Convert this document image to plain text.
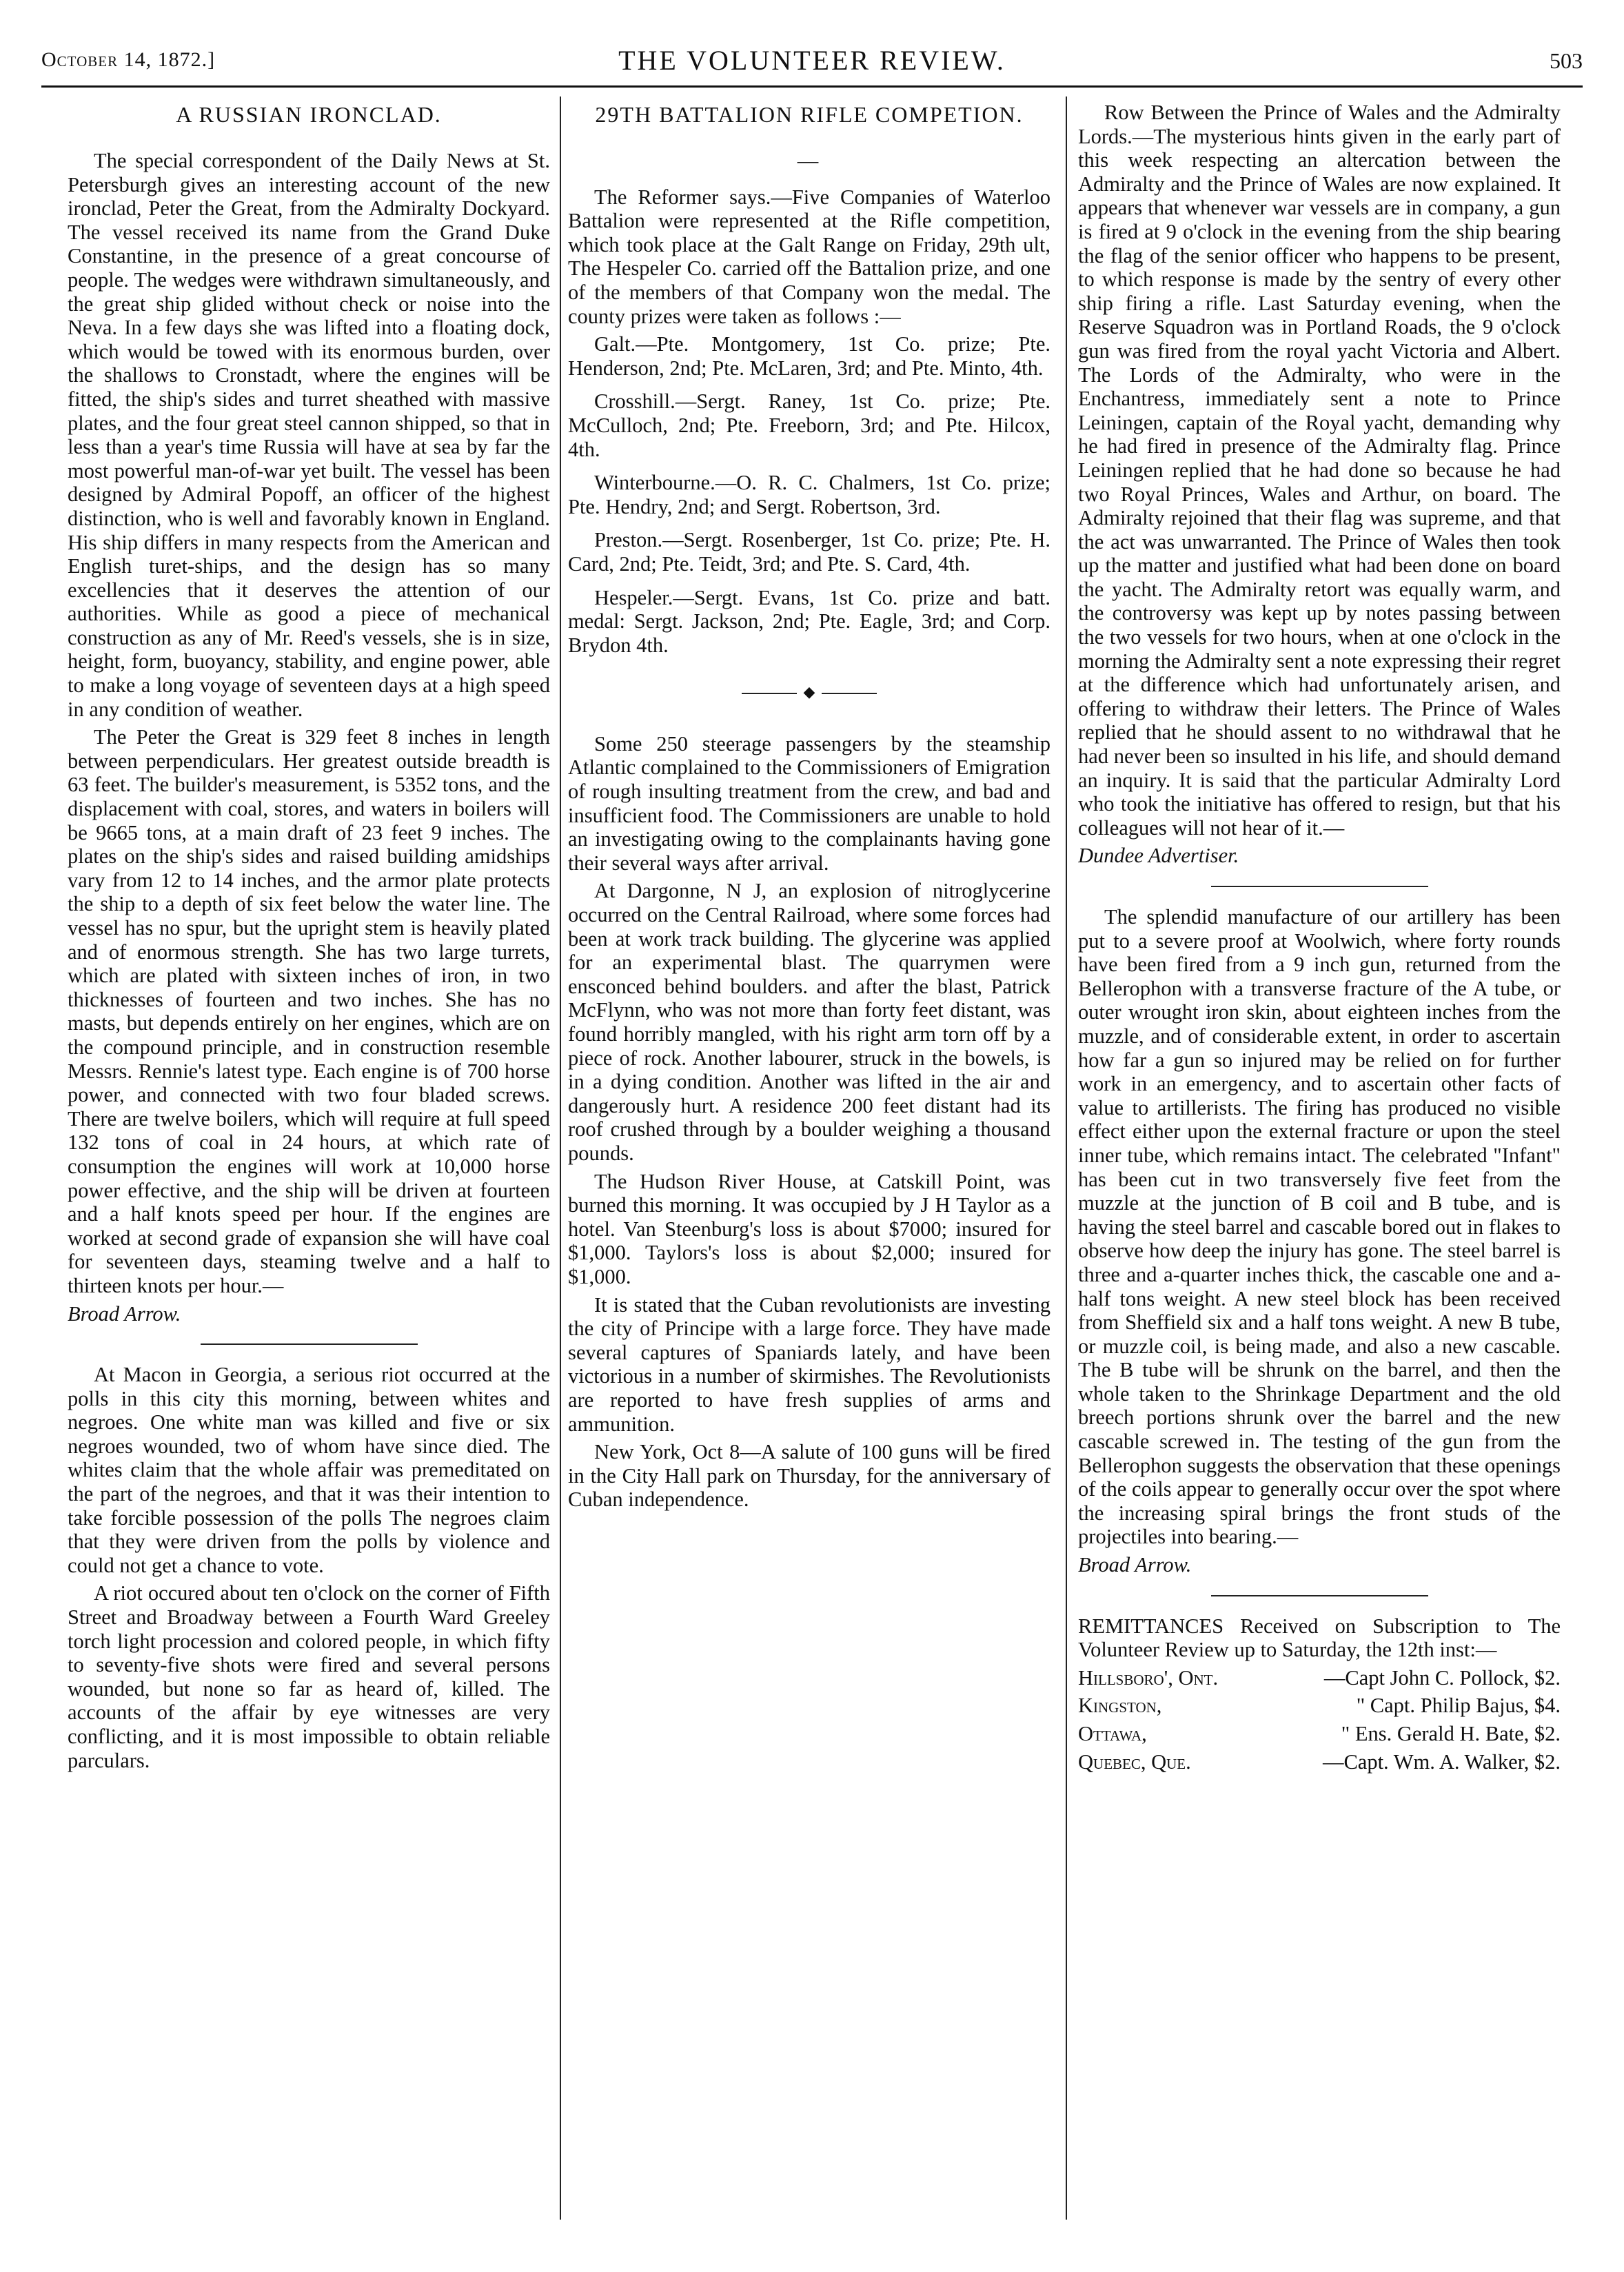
October 14, 1872.]	THE VOLUNTEER REVIEW.	503
A RUSSIAN IRONCLAD.

The special correspondent of the Daily News at St. Petersburgh gives an interesting account of the new ironclad, Peter the Great, from the Admiralty Dockyard. The vessel received its name from the Grand Duke Constantine, in the presence of a great concourse of people. The wedges were withdrawn simultaneously, and the great ship glided without check or noise into the Neva. In a few days she was lifted into a floating dock, which would be towed with its enormous burden, over the shallows to Cronstadt, where the engines will be fitted, the ship's sides and turret sheathed with massive plates, and the four great steel cannon shipped, so that in less than a year's time Russia will have at sea by far the most powerful man-of-war yet built. The vessel has been designed by Admiral Popoff, an officer of the highest distinction, who is well and favorably known in England. His ship differs in many respects from the American and English turet-ships, and the design has so many excellencies that it deserves the attention of our authorities. While as good a piece of mechanical construction as any of Mr. Reed's vessels, she is in size, height, form, buoyancy, stability, and engine power, able to make a long voyage of seventeen days at a high speed in any condition of weather.

The Peter the Great is 329 feet 8 inches in length between perpendiculars. Her greatest outside breadth is 63 feet. The builder's measurement, is 5352 tons, and the displacement with coal, stores, and waters in boilers will be 9665 tons, at a main draft of 23 feet 9 inches. The plates on the ship's sides and raised building amidships vary from 12 to 14 inches, and the armor plate protects the ship to a depth of six feet below the water line. The vessel has no spur, but the upright stem is heavily plated and of enormous strength. She has two large turrets, which are plated with sixteen inches of iron, in two thicknesses of fourteen and two inches. She has no masts, but depends entirely on her engines, which are on the compound principle, and in construction resemble Messrs. Rennie's latest type. Each engine is of 700 horse power, and connected with two four bladed screws. There are twelve boilers, which will require at full speed 132 tons of coal in 24 hours, at which rate of consumption the engines will work at 10,000 horse power effective, and the ship will be driven at fourteen and a half knots speed per hour. If the engines are worked at second grade of expansion she will have coal for seventeen days, steaming twelve and a half to thirteen knots per hour.—

Broad Arrow.

At Macon in Georgia, a serious riot occurred at the polls in this city this morning, between whites and negroes. One white man was killed and five or six negroes wounded, two of whom have since died. The whites claim that the whole affair was premeditated on the part of the negroes, and that it was their intention to take forcible possession of the polls The negroes claim that they were driven from the polls by violence and could not get a chance to vote.

A riot occured about ten o'clock on the corner of Fifth Street and Broadway between a Fourth Ward Greeley torch light procession and colored people, in which fifty to seventy-five shots were fired and several persons wounded, but none so far as heard of, killed. The accounts of the affair by eye witnesses are very conflicting, and it is most impossible to obtain reliable parculars.

29TH BATTALION RIFLE COMPETION.
—

The Reformer says.—Five Companies of Waterloo Battalion were represented at the Rifle competition, which took place at the Galt Range on Friday, 29th ult, The Hespeler Co. carried off the Battalion prize, and one of the members of that Company won the medal. The county prizes were taken as follows :—

Galt.—Pte. Montgomery, 1st Co. prize; Pte. Henderson, 2nd; Pte. McLaren, 3rd; and Pte. Minto, 4th.

Crosshill.—Sergt. Raney, 1st Co. prize; Pte. McCulloch, 2nd; Pte. Freeborn, 3rd; and Pte. Hilcox, 4th.

Winterbourne.—O. R. C. Chalmers, 1st Co. prize; Pte. Hendry, 2nd; and Sergt. Robertson, 3rd.

Preston.—Sergt. Rosenberger, 1st Co. prize; Pte. H. Card, 2nd; Pte. Teidt, 3rd; and Pte. S. Card, 4th.

Hespeler.—Sergt. Evans, 1st Co. prize and batt. medal: Sergt. Jackson, 2nd; Pte. Eagle, 3rd; and Corp. Brydon 4th.

◆

Some 250 steerage passengers by the steamship Atlantic complained to the Commissioners of Emigration of rough insulting treatment from the crew, and bad and insufficient food. The Commissioners are unable to hold an investigating owing to the complainants having gone their several ways after arrival.

At Dargonne, N J, an explosion of nitroglycerine occurred on the Central Railroad, where some forces had been at work track building. The glycerine was applied for an experimental blast. The quarrymen were ensconced behind boulders. and after the blast, Patrick McFlynn, who was not more than forty feet distant, was found horribly mangled, with his right arm torn off by a piece of rock. Another labourer, struck in the bowels, is in a dying condition. Another was lifted in the air and dangerously hurt. A residence 200 feet distant had its roof crushed through by a boulder weighing a thousand pounds.

The Hudson River House, at Catskill Point, was burned this morning. It was occupied by J H Taylor as a hotel. Van Steenburg's loss is about $7000; insured for $1,000. Taylors's loss is about $2,000; insured for $1,000.

It is stated that the Cuban revolutionists are investing the city of Principe with a large force. They have made several captures of Spaniards lately, and have been victorious in a number of skirmishes. The Revolutionists are reported to have fresh supplies of arms and ammunition.

New York, Oct 8—A salute of 100 guns will be fired in the City Hall park on Thursday, for the anniversary of Cuban independence.

Row Between the Prince of Wales and the Admiralty Lords.—The mysterious hints given in the early part of this week respecting an altercation between the Admiralty and the Prince of Wales are now explained. It appears that whenever war vessels are in company, a gun is fired at 9 o'clock in the evening from the ship bearing the flag of the senior officer who happens to be present, to which response is made by the sentry of every other ship firing a rifle. Last Saturday evening, when the Reserve Squadron was in Portland Roads, the 9 o'clock gun was fired from the royal yacht Victoria and Albert. The Lords of the Admiralty, who were in the Enchantress, immediately sent a note to Prince Leiningen, captain of the Royal yacht, demanding why he had fired in presence of the Admiralty flag. Prince Leiningen replied that he had done so because he had two Royal Princes, Wales and Arthur, on board. The Admiralty rejoined that their flag was supreme, and that the act was unwarranted. The Prince of Wales then took up the matter and justified what had been done on board the yacht. The Admiralty retort was equally warm, and the controversy was kept up by notes passing between the two vessels for two hours, when at one o'clock in the morning the Admiralty sent a note expressing their regret at the difference which had unfortunately arisen, and offering to withdraw their letters. The Prince of Wales replied that he should assent to no withdrawal that he had never been so insulted in his life, and should demand an inquiry. It is said that the particular Admiralty Lord who took the initiative has offered to resign, but that his colleagues will not hear of it.—

Dundee Advertiser.

The splendid manufacture of our artillery has been put to a severe proof at Woolwich, where forty rounds have been fired from a 9 inch gun, returned from the Bellerophon with a transverse fracture of the A tube, or outer wrought iron skin, about eighteen inches from the muzzle, and of considerable extent, in order to ascertain how far a gun so injured may be relied on for further work in an emergency, and to ascertain other facts of value to artillerists. The firing has produced no visible effect either upon the external fracture or upon the steel inner tube, which remains intact. The celebrated "Infant" has been cut in two transversely five feet from the muzzle at the junction of B coil and B tube, and is having the steel barrel and cascable bored out in flakes to observe how deep the injury has gone. The steel barrel is three and a-quarter inches thick, the cascable one and a-half tons weight. A new steel block has been received from Sheffield six and a half tons weight. A new B tube, or muzzle coil, is being made, and also a new cascable. The B tube will be shrunk on the barrel, and then the whole taken to the Shrinkage Department and the old breech portions shrunk over the barrel and the new cascable screwed in. The testing of the gun from the Bellerophon suggests the observation that these openings of the coils appear to generally occur over the spot where the increasing spiral brings the front studs of the projectiles into bearing.—

Broad Arrow.

REMITTANCES Received on Subscription to The Volunteer Review up to Saturday, the 12th inst:—

Hillsboro', Ont.	—Capt John C. Pollock, $2.

Kingston,	" Capt. Philip Bajus, $4.

Ottawa,	" Ens. Gerald H. Bate, $2.

Quebec, Que.	—Capt. Wm. A. Walker, $2.
